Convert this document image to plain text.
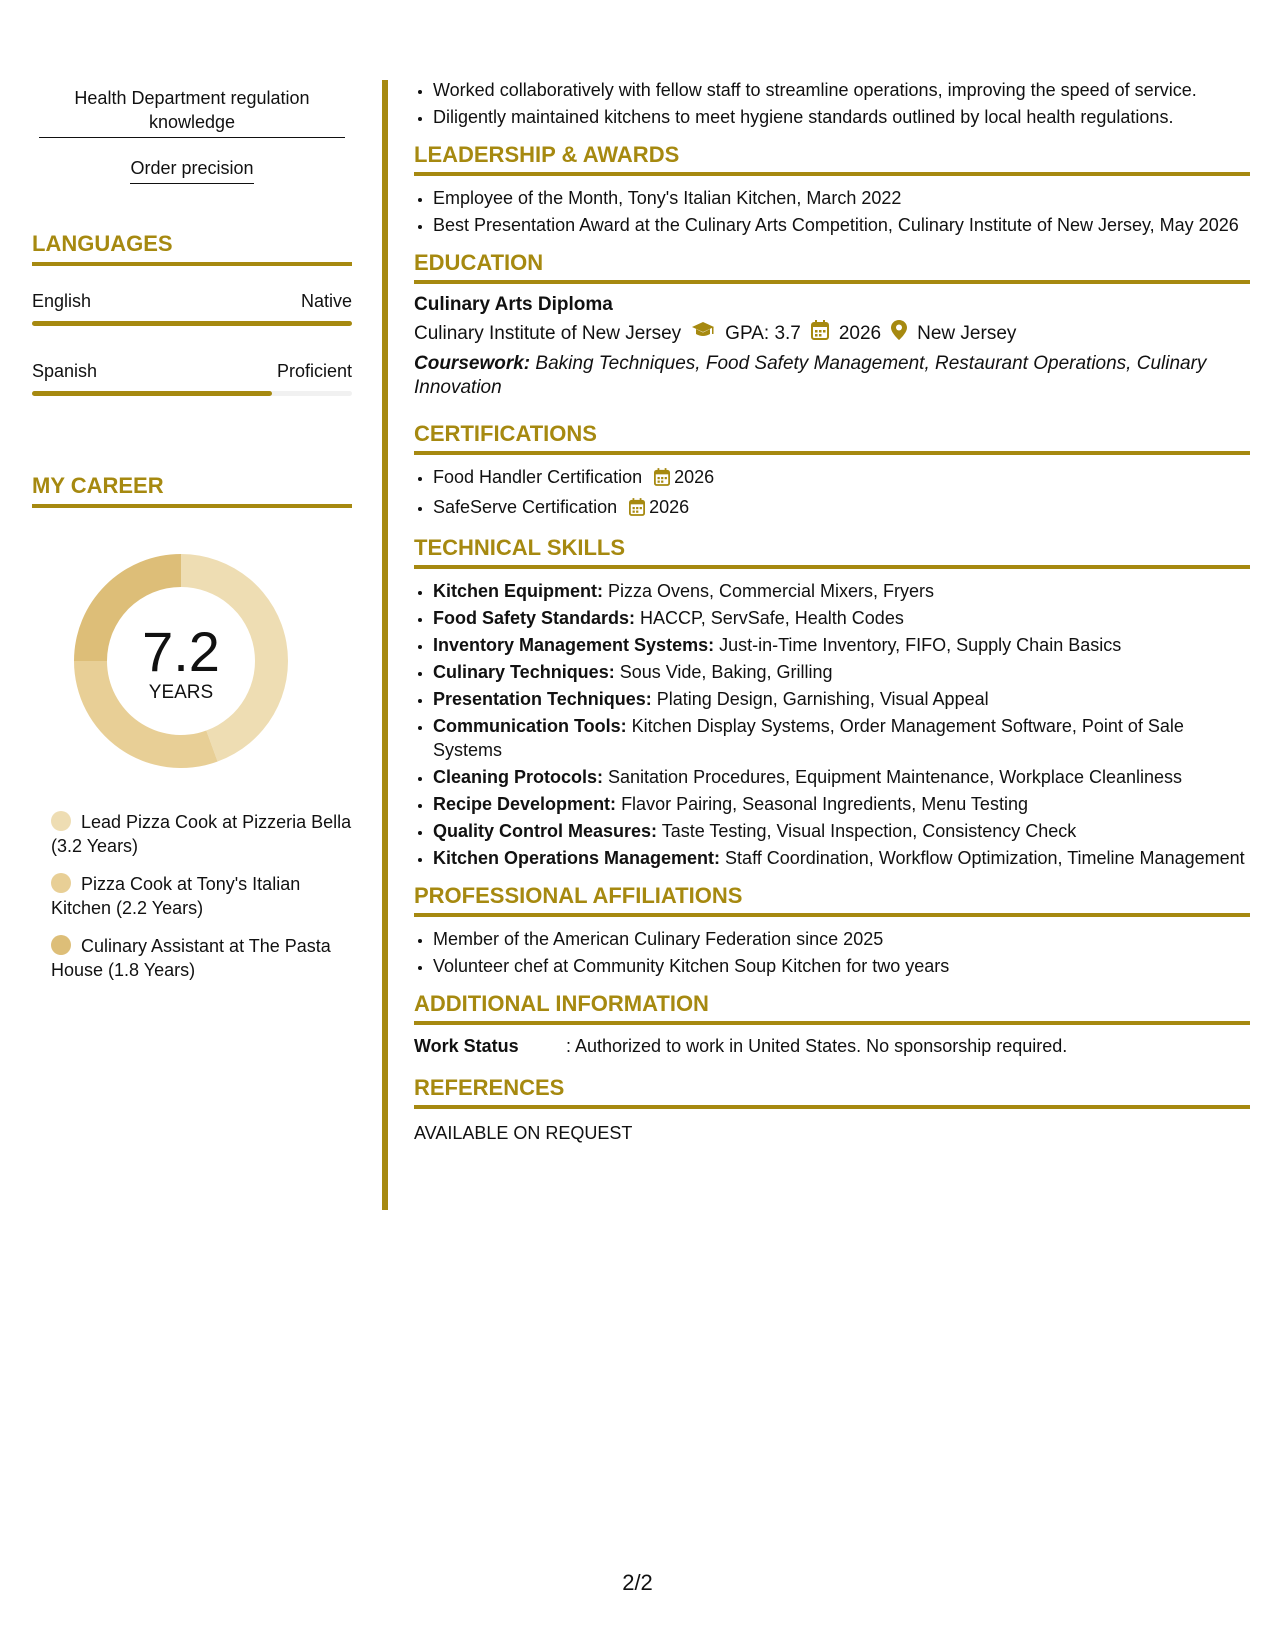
Health Department regulation knowledge
Order precision
LANGUAGES
English	Native
Spanish	Proficient
MY CAREER
7.2
YEARS
Lead Pizza Cook at Pizzeria Bella (3.2 Years)
Pizza Cook at Tony's Italian Kitchen (2.2 Years)
Culinary Assistant at The Pasta House (1.8 Years)
• Worked collaboratively with fellow staff to streamline operations, improving the speed of service.
• Diligently maintained kitchens to meet hygiene standards outlined by local health regulations.
LEADERSHIP & AWARDS
• Employee of the Month, Tony's Italian Kitchen, March 2022
• Best Presentation Award at the Culinary Arts Competition, Culinary Institute of New Jersey, May 2026
EDUCATION
Culinary Arts Diploma
Culinary Institute of New Jersey GPA: 3.7 2026 New Jersey
Coursework: Baking Techniques, Food Safety Management, Restaurant Operations, Culinary Innovation
CERTIFICATIONS
• Food Handler Certification 2026
• SafeServe Certification 2026
TECHNICAL SKILLS
• Kitchen Equipment: Pizza Ovens, Commercial Mixers, Fryers
• Food Safety Standards: HACCP, ServSafe, Health Codes
• Inventory Management Systems: Just-in-Time Inventory, FIFO, Supply Chain Basics
• Culinary Techniques: Sous Vide, Baking, Grilling
• Presentation Techniques: Plating Design, Garnishing, Visual Appeal
• Communication Tools: Kitchen Display Systems, Order Management Software, Point of Sale Systems
• Cleaning Protocols: Sanitation Procedures, Equipment Maintenance, Workplace Cleanliness
• Recipe Development: Flavor Pairing, Seasonal Ingredients, Menu Testing
• Quality Control Measures: Taste Testing, Visual Inspection, Consistency Check
• Kitchen Operations Management: Staff Coordination, Workflow Optimization, Timeline Management
PROFESSIONAL AFFILIATIONS
• Member of the American Culinary Federation since 2025
• Volunteer chef at Community Kitchen Soup Kitchen for two years
ADDITIONAL INFORMATION
Work Status	: Authorized to work in United States. No sponsorship required.
REFERENCES
AVAILABLE ON REQUEST
2/2
